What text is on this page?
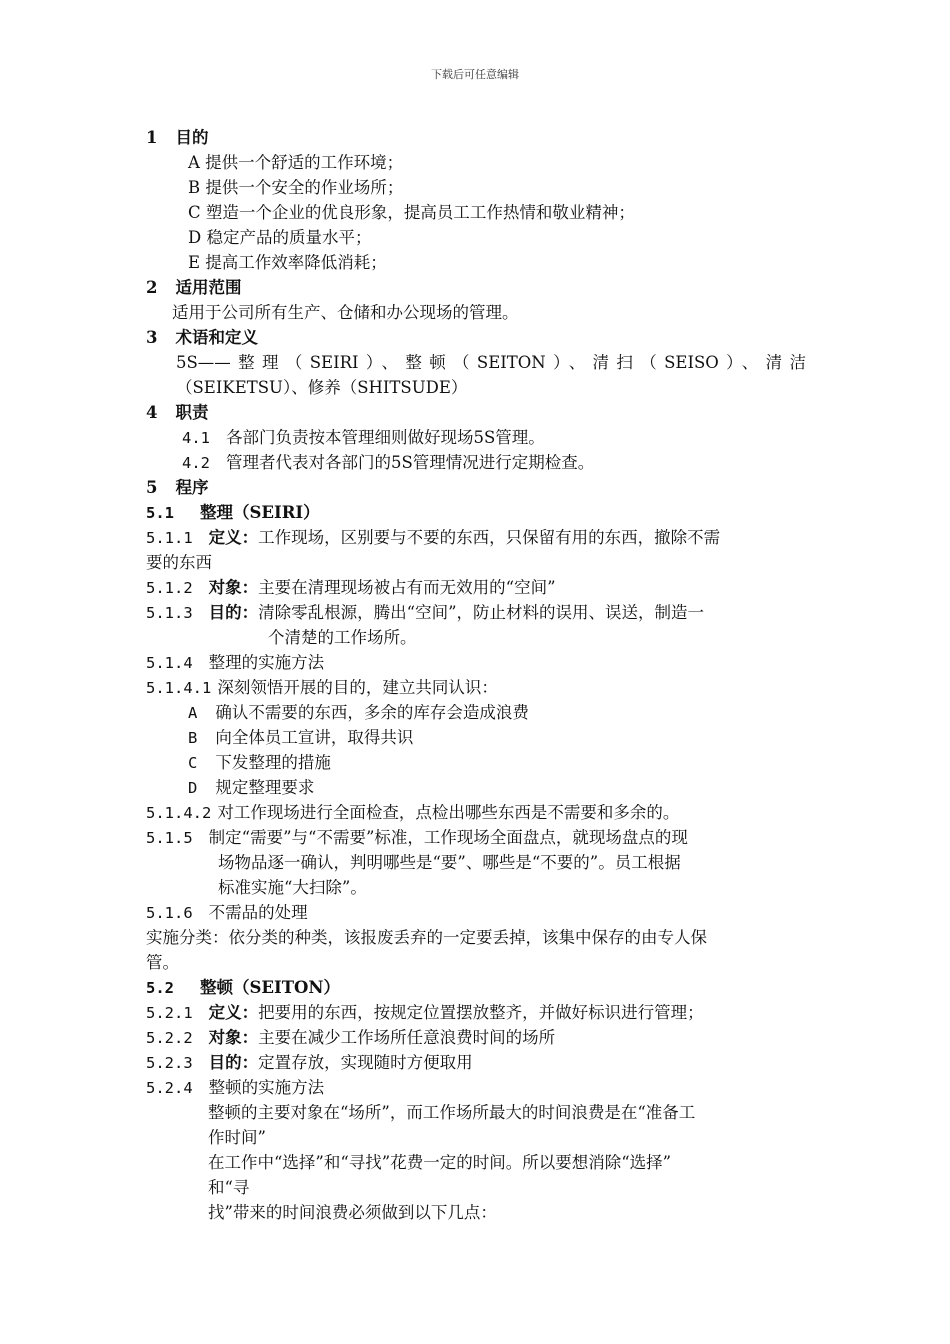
下载后可任意编辑
1 目的
A 提供一个舒适的工作环境；
B 提供一个安全的作业场所；
C 塑造一个企业的优良形象，提高员工工作热情和敬业精神；
D 稳定产品的质量水平；
E 提高工作效率降低消耗；
2 适用范围
适用于公司所有生产、仓储和办公现场的管理。
3 术语和定义
5S——整理（SEIRI）、整顿（SEITON）、清扫（SEISO）、清洁
（SEIKETSU）、修养（SHITSUDE）
4 职责
4.1 各部门负责按本管理细则做好现场5S管理。
4.2 管理者代表对各部门的5S管理情况进行定期检查。
5 程序
5.1 整理（SEIRI）
5.1.1 定义：工作现场，区别要与不要的东西，只保留有用的东西，撤除不需
要的东西
5.1.2 对象：主要在清理现场被占有而无效用的“空间”
5.1.3 目的：清除零乱根源，腾出“空间”，防止材料的误用、误送，制造一
个清楚的工作场所。
5.1.4 整理的实施方法
5.1.4.1 深刻领悟开展的目的，建立共同认识：
A 确认不需要的东西，多余的库存会造成浪费
B 向全体员工宣讲，取得共识
C 下发整理的措施
D 规定整理要求
5.1.4.2 对工作现场进行全面检查，点检出哪些东西是不需要和多余的。
5.1.5 制定“需要”与“不需要”标准，工作现场全面盘点，就现场盘点的现
场物品逐一确认，判明哪些是“要”、哪些是“不要的”。员工根据
标准实施“大扫除”。
5.1.6 不需品的处理
实施分类：依分类的种类，该报废丢弃的一定要丢掉，该集中保存的由专人保
管。
5.2 整顿（SEITON）
5.2.1 定义：把要用的东西，按规定位置摆放整齐，并做好标识进行管理；
5.2.2 对象：主要在减少工作场所任意浪费时间的场所
5.2.3 目的：定置存放，实现随时方便取用
5.2.4 整顿的实施方法
整顿的主要对象在“场所”，而工作场所最大的时间浪费是在“准备工
作时间”
在工作中“选择”和“寻找”花费一定的时间。所以要想消除“选择”
和“寻
找”带来的时间浪费必须做到以下几点：
